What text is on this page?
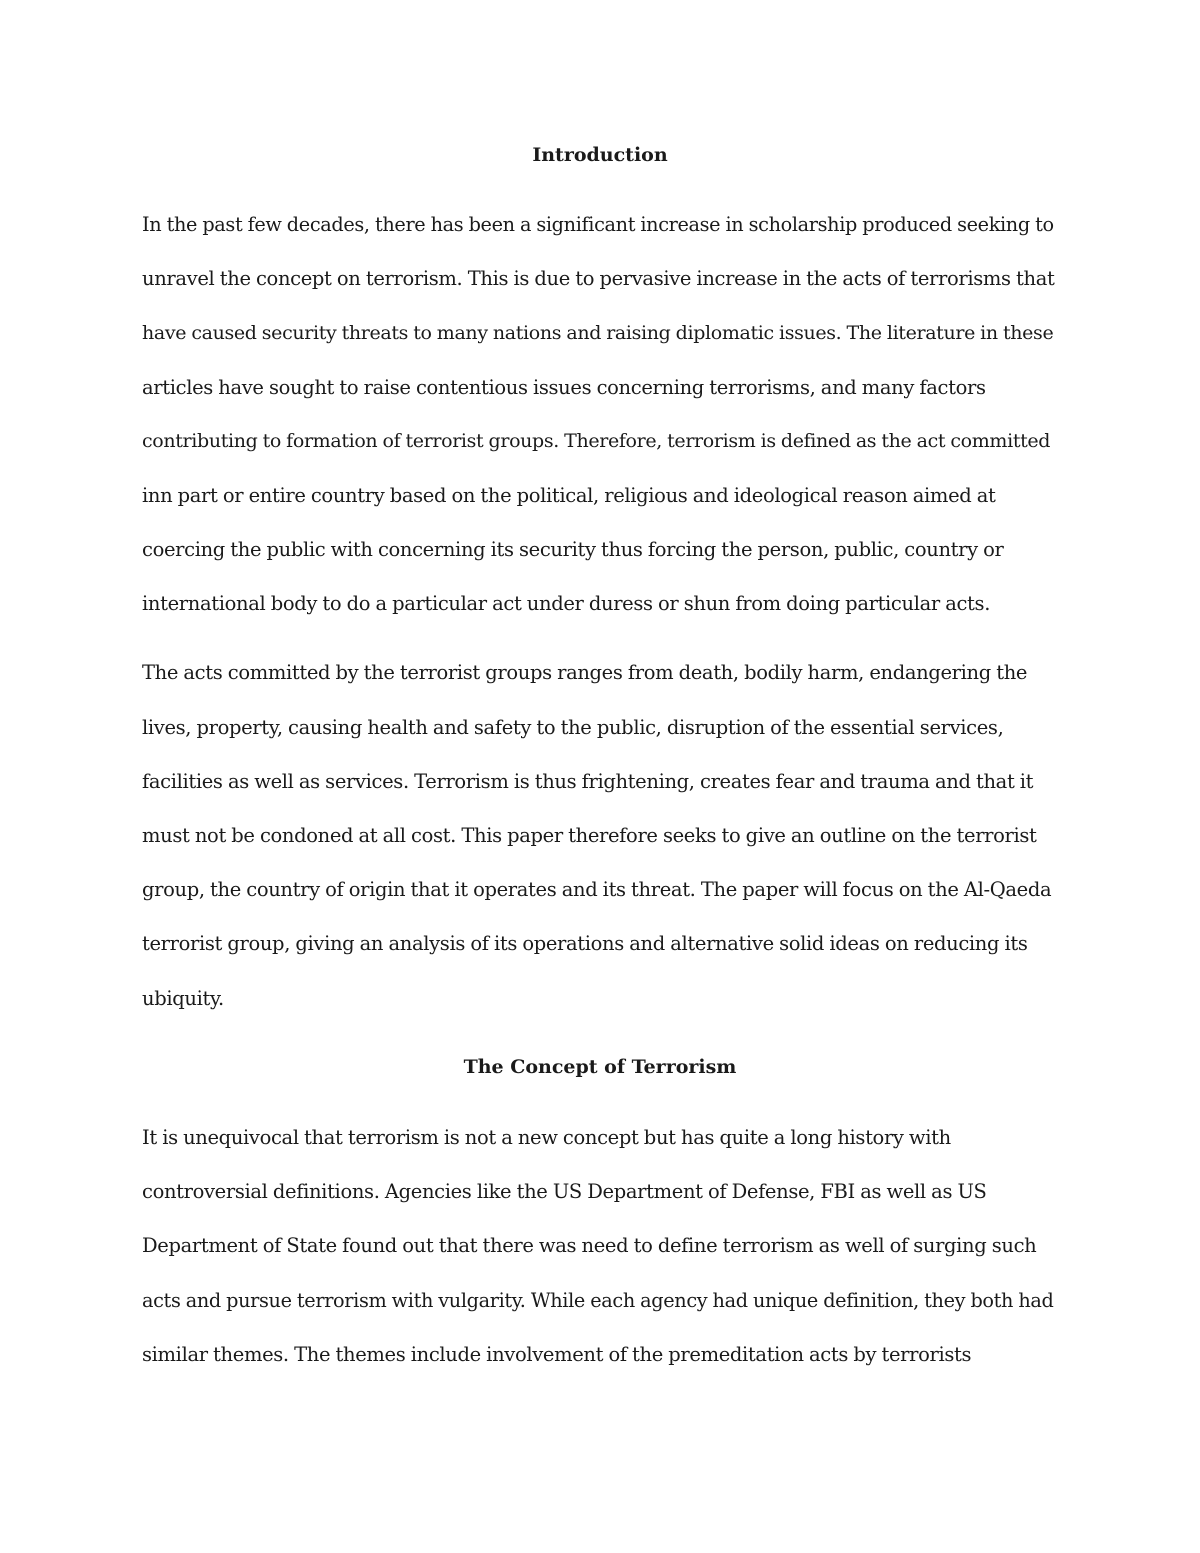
Introduction

In the past few decades, there has been a significant increase in scholarship produced seeking to

unravel the concept on terrorism. This is due to pervasive increase in the acts of terrorisms that

have caused security threats to many nations and raising diplomatic issues. The literature in these

articles have sought to raise contentious issues concerning terrorisms, and many factors

contributing to formation of terrorist groups. Therefore, terrorism is defined as the act committed

inn part or entire country based on the political, religious and ideological reason aimed at

coercing the public with concerning its security thus forcing the person, public, country or

international body to do a particular act under duress or shun from doing particular acts.

The acts committed by the terrorist groups ranges from death, bodily harm, endangering the

lives, property, causing health and safety to the public, disruption of the essential services,

facilities as well as services. Terrorism is thus frightening, creates fear and trauma and that it

must not be condoned at all cost. This paper therefore seeks to give an outline on the terrorist

group, the country of origin that it operates and its threat. The paper will focus on the Al-Qaeda

terrorist group, giving an analysis of its operations and alternative solid ideas on reducing its

ubiquity.

The Concept of Terrorism

It is unequivocal that terrorism is not a new concept but has quite a long history with

controversial definitions. Agencies like the US Department of Defense, FBI as well as US

Department of State found out that there was need to define terrorism as well of surging such

acts and pursue terrorism with vulgarity. While each agency had unique definition, they both had

similar themes. The themes include involvement of the premeditation acts by terrorists
